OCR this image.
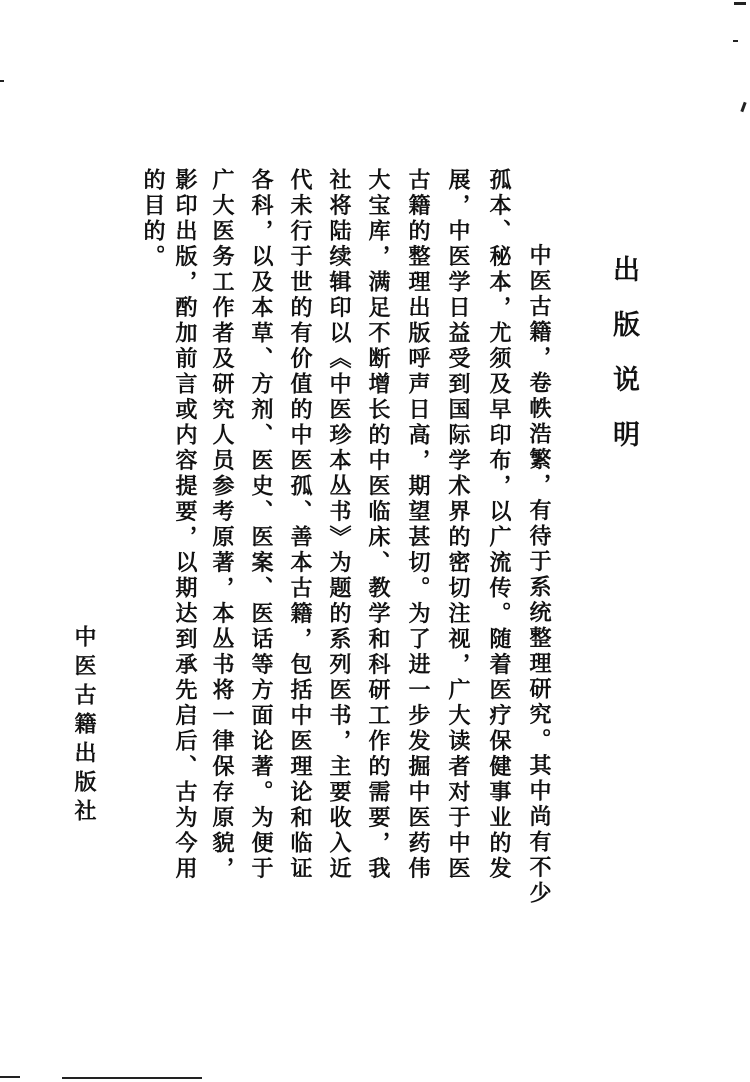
出版说明
　中医古籍，卷帙浩繁，有待于系统整理研究。其中尚有不少
孤本、秘本，尤须及早印布，以广流传。随着医疗保健事业的发
展，中医学日益受到国际学术界的密切注视，广大读者对于中医
古籍的整理出版呼声日高，期望甚切。为了进一步发掘中医药伟
大宝库，满足不断增长的中医临床、教学和科研工作的需要，我
社将陆续辑印以《中医珍本丛书》为题的系列医书，主要收入近
代未行于世的有价值的中医孤、善本古籍，包括中医理论和临证
各科，以及本草、方剂、医史、医案、医话等方面论著。为便于
广大医务工作者及研究人员参考原著，本丛书将一律保存原貌，
影印出版，酌加前言或内容提要，以期达到承先启后、古为今用
的目的。
中医古籍出版社
